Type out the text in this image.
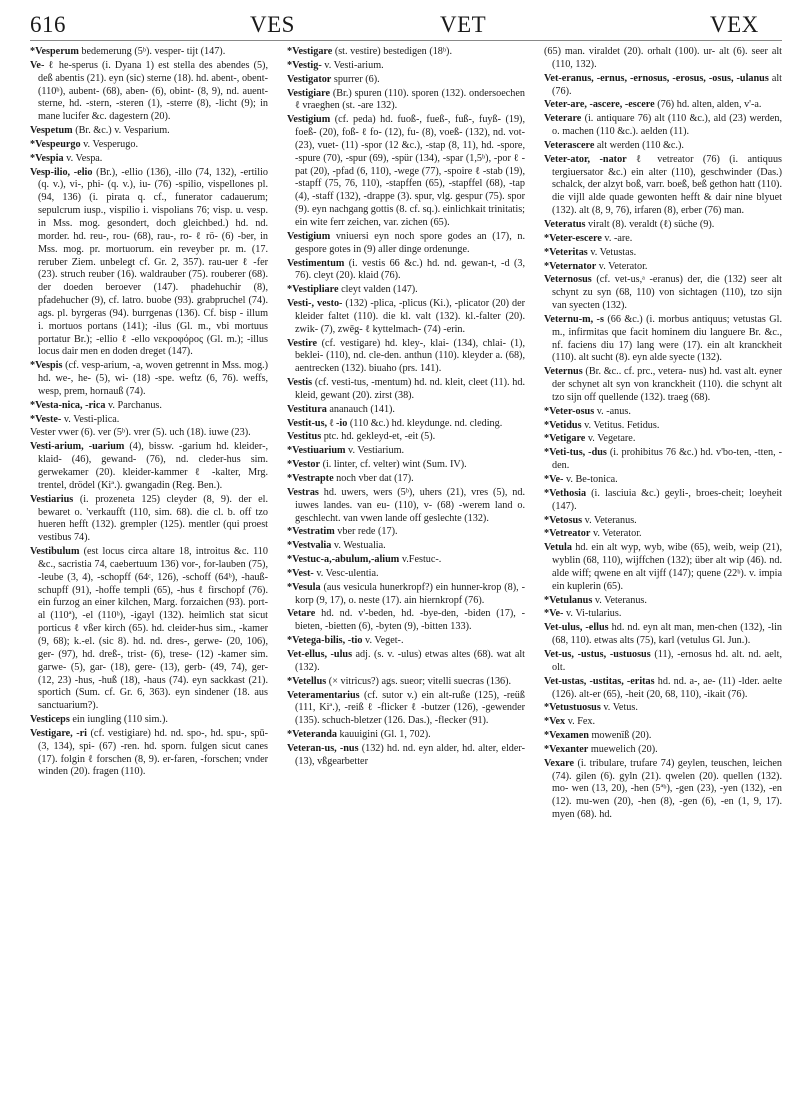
616	VES	VET	VEX

*Vesperum bedemerung (5ᵇ). vesper- tijt (147).

Ve- ℓ he-sperus (i. Dyana 1) est stella des abendes (5), deß abentis (21). eyn (sic) sterne (18). hd. abent-, obent- (110ᵇ), aubent- (68), aben- (6), obint- (8, 9), nd. auent-sterne, hd. -stern, -steren (1), -sterre (8), -licht (9); in mane lucifer &c. dagestern (20).

Vespetum (Br. &c.) v. Vesparium.

*Vespeurgo v. Vesperugo.

*Vespia v. Vespa.

Vesp-ilio, -elio (Br.), -ellio (136), -illo (74, 132), -ertilio (q. v.), vi-, phi- (q. v.), iu- (76) -spilio, vispellones pl. (94, 136) (i. pirata q. cf., funerator cadauerum; sepulcrum iusp., vispilio i. vispolians 76; visp. u. vesp. in Mss. mog. gesondert, doch gleichbed.) hd. nd. morder. hd. reu-, rou- (68), rau-, ro- ℓ rö- (6) -ber, in Mss. mog. pr. mortuorum. ein reveyber pr. m. (17. reruber Ziem. unbelegt cf. Gr. 2, 357). rau-uer ℓ -fer (23). struch reuber (16). waldrauber (75). rouberer (68). der doeden beroever (147). phadehuchir (8), pfadehucher (9), cf. latro. buobe (93). grabpruchel (74). ags. pl. byrgeras (94). burrgenas (136). Cf. bisp - illum i. mortuos portans (141); -ilus (Gl. m., vbi mortuus portatur Br.); -ellio ℓ -ello νεκροφόρος (Gl. m.); -illus locus dair men en doden dreget (147).

*Vespis (cf. vesp-arium, -a, woven getrennt in Mss. mog.) hd. we-, he- (5), wi- (18) -spe. weftz (6, 76). weffs, wesp, prem, hornauß (74).

*Vesta-nica, -rica v. Parchanus.

*Veste- v. Vesti-plica.

Vester vwer (6). ver (5ᵇ). vrer (5). uch (18). iuwe (23).

Vesti-arium, -uarium (4), bissw. -garium hd. kleider-, klaid- (46), gewand- (76), nd. cleder-hus sim. gerwekamer (20). kleider-kammer ℓ -kalter, Mrg. trentel, drödel (Kiª.). gwangadin (Reg. Ben.).

Vestiarius (i. prozeneta 125) cleyder (8, 9). der el. bewaret o. 'verkaufft (110, sim. 68). die cl. b. off tzo hueren hefft (132). grempler (125). mentler (qui proest vestibus 74).

Vestibulum (est locus circa altare 18, introitus &c. 110 &c., sacristia 74, caebertuum 136) vor-, for-lauben (75), -leube (3, 4), -schopff (64ᶜ, 126), -schoff (64ᵇ), -hauß-schupff (91), -hoffe templi (65), -hus ℓ firschopf (76). ein furzog an einer kilchen, Marg. forzaichen (93). port-al (110ª), -el (110ᵇ), -igayl (132). heimlich stat sicut porticus ℓ vßer kirch (65). hd. cleider-hus sim., -kamer (9, 68); k.-el. (sic 8). hd. nd. dres-, gerwe- (20, 106), ger- (97), hd. dreß-, trist- (6), trese- (12) -kamer sim. garwe- (5), gar- (18), gere- (13), gerb- (49, 74), ger- (12, 23) -hus, -huß (18), -haus (74). eyn sackkast (21). sportich (Sum. cf. Gr. 6, 363). eyn sindener (18. aus sanctuarium?).

Vesticeps ein iungling (110 sim.).

Vestigare, -ri (cf. vestigiare) hd. nd. spo-, hd. spu-, spū- (3, 134), spi- (67) -ren. hd. sporn. fulgen sicut canes (17). folgin ℓ forschen (8, 9). er-faren, -forschen; vnder winden (20). fragen (110).

*Vestigare (st. vestire) bestedigen (18ᵇ).

*Vestig- v. Vesti-arium.

Vestigator spurrer (6).

Vestigiare (Br.) spuren (110). sporen (132). ondersoechen ℓ vraeghen (st. -are 132).

Vestigium (cf. peda) hd. fuoß-, fueß-, fuß-, fuyß- (19), foeß- (20), foß- ℓ fo- (12), fu- (8), voeß- (132), nd. vot- (23), vuet- (11) -spor (12 &c.), -stap (8, 11), hd. -spore, -spure (70), -spur (69), -spür (134), -spar (1,5ᵇ), -por ℓ -pat (20), -pfad (6, 110), -wege (77), -spoire ℓ -stab (19), -stapff (75, 76, 110), -stapffen (65), -stapffel (68), -tap (4), -staff (132), -drappe (3). spur, vlg. gespur (75). spor (9). eyn nachgang gottis (8. cf. sq.). einlichkait trinitatis; ein wite ferr zeichen, var. zichen (65).

Vestigium vniuersi eyn noch spore godes an (17), n. gespore gotes in (9) aller dinge ordenunge.

Vestimentum (i. vestis 66 &c.) hd. nd. gewan-t, -d (3, 76). cleyt (20). klaid (76).

*Vestipliare cleyt valden (147).

Vesti-, vesto- (132) -plica, -plicus (Ki.), -plicator (20) der kleider faltet (110). die kl. valt (132). kl.-falter (20). zwik- (7), zwēg- ℓ kyttelmach- (74) -erin.

Vestire (cf. vestigare) hd. kley-, klai- (134), chlai- (1), beklei- (110), nd. cle-den. anthun (110). kleyder a. (68), aentrecken (132). biuaho (prs. 141).

Vestis (cf. vesti-tus, -mentum) hd. nd. kleit, cleet (11). hd. kleid, gewant (20). zirst (38).

Vestitura ananauch (141).

Vestit-us, ℓ -io (110 &c.) hd. kleydunge. nd. cleding.

Vestitus ptc. hd. gekleyd-et, -eit (5).

*Vestiuarium v. Vestiarium.

*Vestor (i. linter, cf. velter) wint (Sum. IV).

*Vestrapte noch vber dat (17).

Vestras hd. uwers, wers (5ᵇ), uhers (21), vres (5), nd. iuwes landes. van eu- (110), v- (68) -werem land o. geschlecht. van vwen lande off geslechte (132).

*Vestratim vber rede (17).

*Vestvalia v. Westualia.

*Vestuc-a,-abulum,-alium v.Festuc-.

*Vest- v. Vesc-ulentia.

*Vesula (aus vesicula hunerkropf?) ein hunner-krop (8), -korp (9, 17), o. neste (17). ain hiernkropf (76).

Vetare hd. nd. v'-beden, hd. -bye-den, -biden (17), -bieten, -bietten (6), -byten (9), -bitten 133).

*Vetega-bilis, -tio v. Veget-.

Vet-ellus, -ulus adj. (s. v. -ulus) etwas altes (68). wat alt (132).

*Vetellus (× vitricus?) ags. sueor; vitelli suecras (136).

Veteramentarius (cf. sutor v.) ein alt-ruße (125), -reüß (111, Kiª.), -reiß ℓ -flicker ℓ -butzer (126), -gewender (135). schuch-bletzer (126. Das.), -flecker (91).

*Veteranda kauuigini (Gl. 1, 702).

Veteran-us, -nus (132) hd. nd. eyn alder, hd. alter, elder- (13), vßgearbetter

(65) man. viraldet (20). orhalt (100). ur- alt (6). seer alt (110, 132).

Vet-eranus, -ernus, -ernosus, -erosus, -osus, -ulanus alt (76).

Veter-are, -ascere, -escere (76) hd. alten, alden, v'-a.

Veterare (i. antiquare 76) alt (110 &c.), ald (23) werden, o. machen (110 &c.). aelden (11).

Veterascere alt werden (110 &c.).

Veter-ator, -nator ℓ vetreator (76) (i. antiquus tergiuersator &c.) ein alter (110), geschwinder (Das.) schalck, der alzyt boß, varr. boeß, beß gethon hatt (110). die vijll alde quade gewonten hefft & dair nine blyuet (132). alt (8, 9, 76), irfaren (8), erber (76) man.

Veteratus viralt (8). veraldt (ℓ) süche (9).

*Veter-escere v. -are.

*Veteritas v. Vetustas.

*Veternator v. Veterator.

Veternosus (cf. vet-us,ᵃ -eranus) der, die (132) seer alt schynt zu syn (68, 110) von sichtagen (110), tzo sijn van syecten (132).

Veternu-m, -s (66 &c.) (i. morbus antiquus; vetustas Gl. m., infirmitas que facit hominem diu languere Br. &c., nf. faciens diu 17) lang were (17). ein alt kranckheit (110). alt sucht (8). eyn alde syecte (132).

Veternus (Br. &c.. cf. prc., vetera- nus) hd. vast alt. eyner der schynet alt syn von kranckheit (110). die schynt alt tzo sijn off quellende (132). traeg (68).

*Veter-osus v. -anus.

*Vetidus v. Vetitus. Fetidus.

*Vetigare v. Vegetare.

*Veti-tus, -dus (i. prohibitus 76 &c.) hd. v'bo-ten, -tten, -den.

*Ve- v. Be-tonica.

*Vethosia (i. lasciuia &c.) geyli-, broes-cheit; loeyheit (147).

*Vetosus v. Veteranus.

*Vetreator v. Veterator.

Vetula hd. ein alt wyp, wyb, wibe (65), weib, weip (21), wyblin (68, 110), wijffchen (132); über alt wip (46). nd. alde wiff; qwene en alt vijff (147); quene (22ᵇ). v. impia ein kuplerin (65).

*Vetulanus v. Veteranus.

*Ve- v. Vi-tularius.

Vet-ulus, -ellus hd. nd. eyn alt man, men-chen (132), -lin (68, 110). etwas alts (75), karl (vetulus Gl. Jun.).

Vet-us, -ustus, -ustuosus (11), -ernosus hd. alt. nd. aelt, olt.

Vet-ustas, -ustitas, -eritas hd. nd. a-, ae- (11) -lder. aelte (126). alt-er (65), -heit (20, 68, 110), -ikait (76).

*Vetustuosus v. Vetus.

*Vex v. Fex.

*Vexamen mowenïß (20).

*Vexanter muewelich (20).

Vexare (i. tribulare, trufare 74) geylen, teuschen, leichen (74). gilen (6). gyln (21). qwelen (20). quellen (132). mo- wen (13, 20), -hen (5ªᵇ), -gen (23), -yen (132), -en (12). mu-wen (20), -hen (8), -gen (6), -en (1, 9, 17). myen (68). hd.
